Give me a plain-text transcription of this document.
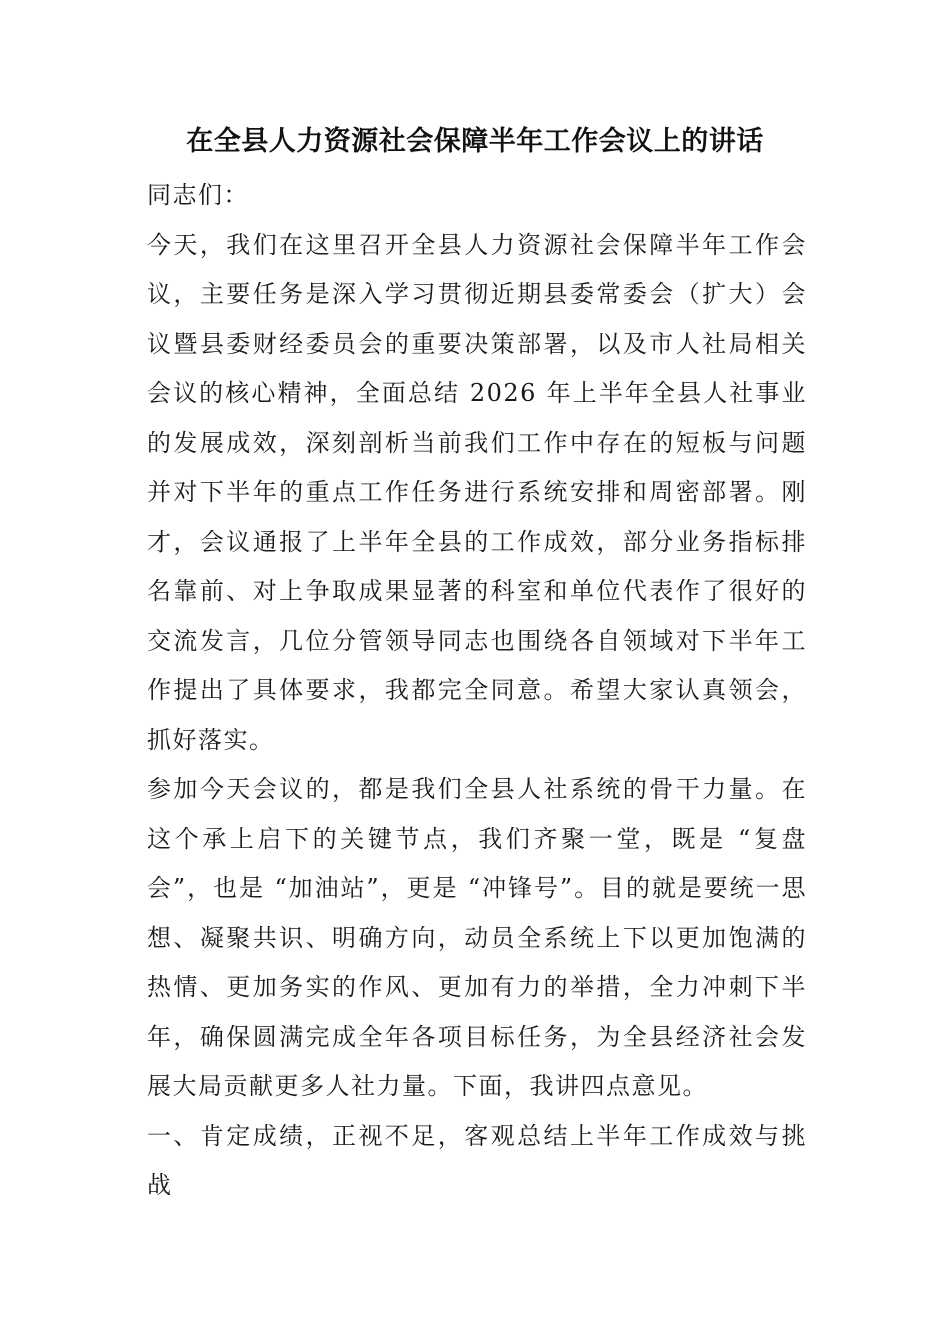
在全县人力资源社会保障半年工作会议上的讲话

同志们：

今天，我们在这里召开全县人力资源社会保障半年工作会议，主要任务是深入学习贯彻近期县委常委会（扩大）会议暨县委财经委员会的重要决策部署，以及市人社局相关会议的核心精神，全面总结 2026 年上半年全县人社事业的发展成效，深刻剖析当前我们工作中存在的短板与问题并对下半年的重点工作任务进行系统安排和周密部署。刚才，会议通报了上半年全县的工作成效，部分业务指标排名靠前、对上争取成果显著的科室和单位代表作了很好的交流发言，几位分管领导同志也围绕各自领域对下半年工作提出了具体要求，我都完全同意。希望大家认真领会，抓好落实。

参加今天会议的，都是我们全县人社系统的骨干力量。在这个承上启下的关键节点，我们齐聚一堂，既是 “复盘会”，也是 “加油站”，更是 “冲锋号”。目的就是要统一思想、凝聚共识、明确方向，动员全系统上下以更加饱满的热情、更加务实的作风、更加有力的举措，全力冲刺下半年，确保圆满完成全年各项目标任务，为全县经济社会发展大局贡献更多人社力量。下面，我讲四点意见。

一、肯定成绩，正视不足，客观总结上半年工作成效与挑战
